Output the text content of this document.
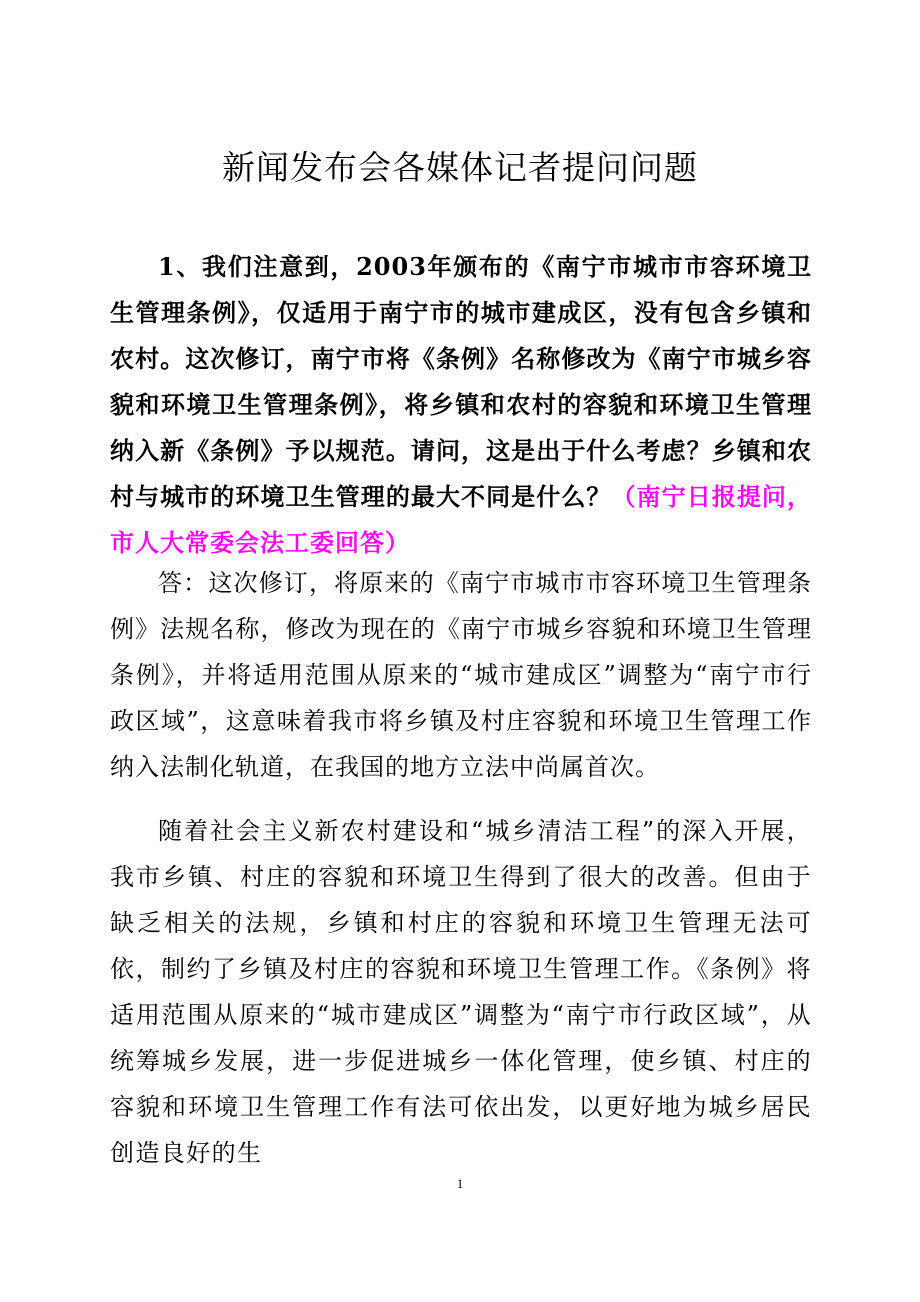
新闻发布会各媒体记者提问问题

1、我们注意到，2003年颁布的《南宁市城市市容环境卫生管理条例》，仅适用于南宁市的城市建成区，没有包含乡镇和农村。这次修订，南宁市将《条例》名称修改为《南宁市城乡容貌和环境卫生管理条例》，将乡镇和农村的容貌和环境卫生管理纳入新《条例》予以规范。请问，这是出于什么考虑？乡镇和农村与城市的环境卫生管理的最大不同是什么？（南宁日报提问，市人大常委会法工委回答）

答：这次修订，将原来的《南宁市城市市容环境卫生管理条例》法规名称，修改为现在的《南宁市城乡容貌和环境卫生管理条例》，并将适用范围从原来的“城市建成区”调整为“南宁市行政区域”，这意味着我市将乡镇及村庄容貌和环境卫生管理工作纳入法制化轨道，在我国的地方立法中尚属首次。

随着社会主义新农村建设和“城乡清洁工程”的深入开展，我市乡镇、村庄的容貌和环境卫生得到了很大的改善。但由于缺乏相关的法规，乡镇和村庄的容貌和环境卫生管理无法可依，制约了乡镇及村庄的容貌和环境卫生管理工作。《条例》将适用范围从原来的“城市建成区”调整为“南宁市行政区域”，从统筹城乡发展，进一步促进城乡一体化管理，使乡镇、村庄的容貌和环境卫生管理工作有法可依出发，以更好地为城乡居民创造良好的生

1
